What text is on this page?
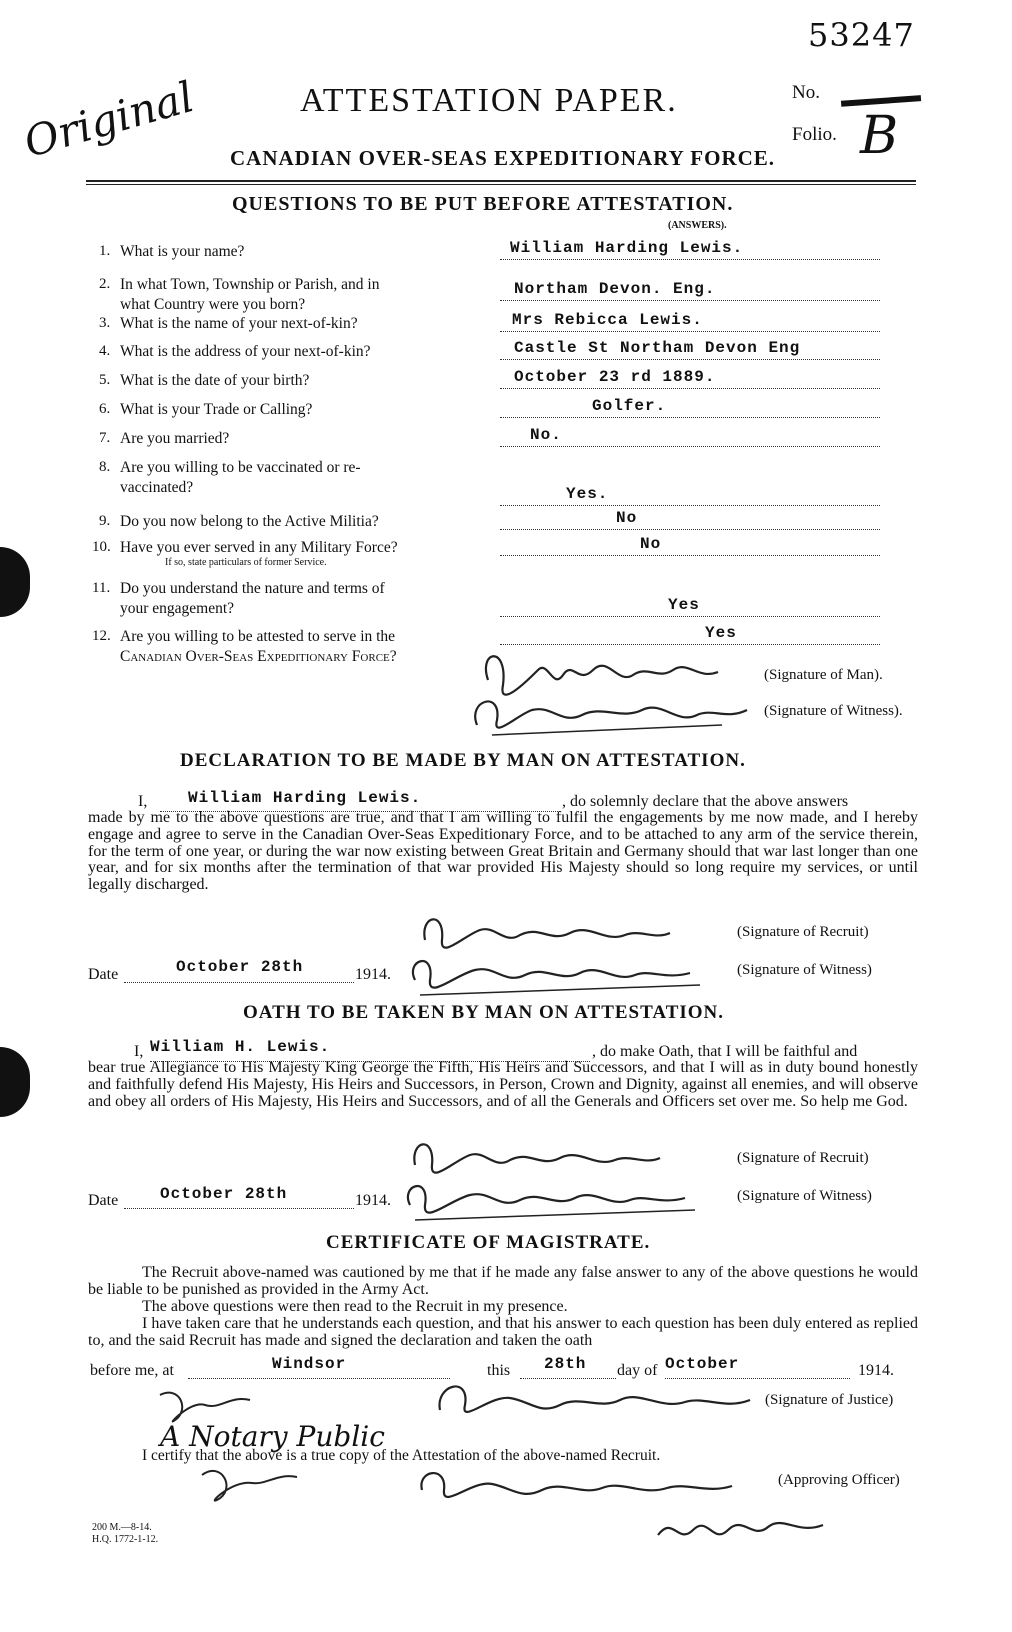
Original
53247
No.
Folio. B
ATTESTATION PAPER.
CANADIAN OVER-SEAS EXPEDITIONARY FORCE.
QUESTIONS TO BE PUT BEFORE ATTESTATION.
(ANSWERS).
1. What is your name?	William Harding Lewis.
2. In what Town, Township or Parish, and in
what Country were you born?
Northam Devon. Eng.
3. What is the name of your next-of-kin?	Mrs Rebicca Lewis.
4. What is the address of your next-of-kin?	Castle St Northam Devon Eng
5. What is the date of your birth?	October 23 rd 1889.
6. What is your Trade or Calling?	Golfer.
7. Are you married?	No.
8. Are you willing to be vaccinated or re-
vaccinated?	Yes.
9. Do you now belong to the Active Militia?	No
10. Have you ever served in any Military Force?
If so, state particulars of former Service.
No
11. Do you understand the nature and terms of
your engagement?	Yes
12. Are you willing to be attested to serve in the
Canadian Over-Seas Expeditionary Force?
Yes
(Signature of Man).
(Signature of Witness).
DECLARATION TO BE MADE BY MAN ON ATTESTATION.
I,	William Harding Lewis.	, do solemnly declare that the above answers
made by me to the above questions are true, and that I am willing to fulfil the engagements by me now made, and I hereby engage and agree to serve in the Canadian Over-Seas Expeditionary Force, and to be attached to any arm of the service therein, for the term of one year, or during the war now existing between Great Britain and Germany should that war last longer than one year, and for six months after the termination of that war provided His Majesty should so long require my services, or until legally discharged.
(Signature of Recruit)
Date	October 28th	1914.	(Signature of Witness)
OATH TO BE TAKEN BY MAN ON ATTESTATION.
I, William H. Lewis.	, do make Oath, that I will be faithful and
bear true Allegiance to His Majesty King George the Fifth, His Heirs and Successors, and that I will as in duty bound honestly and faithfully defend His Majesty, His Heirs and Successors, in Person, Crown and Dignity, against all enemies, and will observe and obey all orders of His Majesty, His Heirs and Successors, and of all the Generals and Officers set over me. So help me God.
(Signature of Recruit)
Date	October 28th	1914.	(Signature of Witness)
CERTIFICATE OF MAGISTRATE.
The Recruit above-named was cautioned by me that if he made any false answer to any of the above questions he would be liable to be punished as provided in the Army Act.
The above questions were then read to the Recruit in my presence.
I have taken care that he understands each question, and that his answer to each question has been duly entered as replied to, and the said Recruit has made and signed the declaration and taken the oath
before me, at	Windsor	this 28th day of October	1914.
(Signature of Justice)
A Notary Public
I certify that the above is a true copy of the Attestation of the above-named Recruit.
(Approving Officer)
200 M.—8-14.
H.Q. 1772-1-12.
